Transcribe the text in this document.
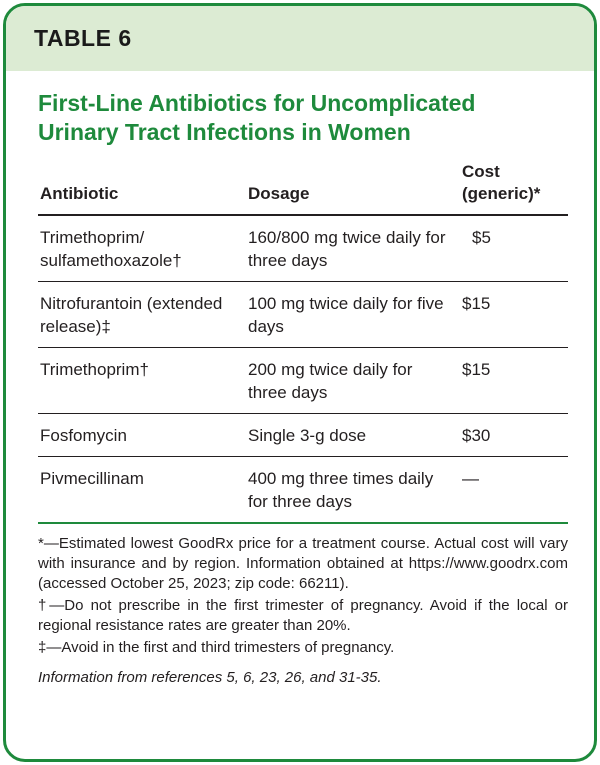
TABLE 6
First-Line Antibiotics for Uncomplicated Urinary Tract Infections in Women
Antibiotic	Dosage	Cost (generic)*
Trimethoprim/ sulfamethoxazole†	160/800 mg twice daily for three days	$5
Nitrofurantoin (extended release)‡	100 mg twice daily for five days	$15
Trimethoprim†	200 mg twice daily for three days	$15
Fosfomycin	Single 3-g dose	$30
Pivmecillinam	400 mg three times daily for three days	—

*—Estimated lowest GoodRx price for a treatment course. Actual cost will vary with insurance and by region. Information obtained at https://www.goodrx.com (accessed October 25, 2023; zip code: 66211).

†—Do not prescribe in the first trimester of pregnancy. Avoid if the local or regional resistance rates are greater than 20%.

‡—Avoid in the first and third trimesters of pregnancy.

Information from references 5, 6, 23, 26, and 31-35.
